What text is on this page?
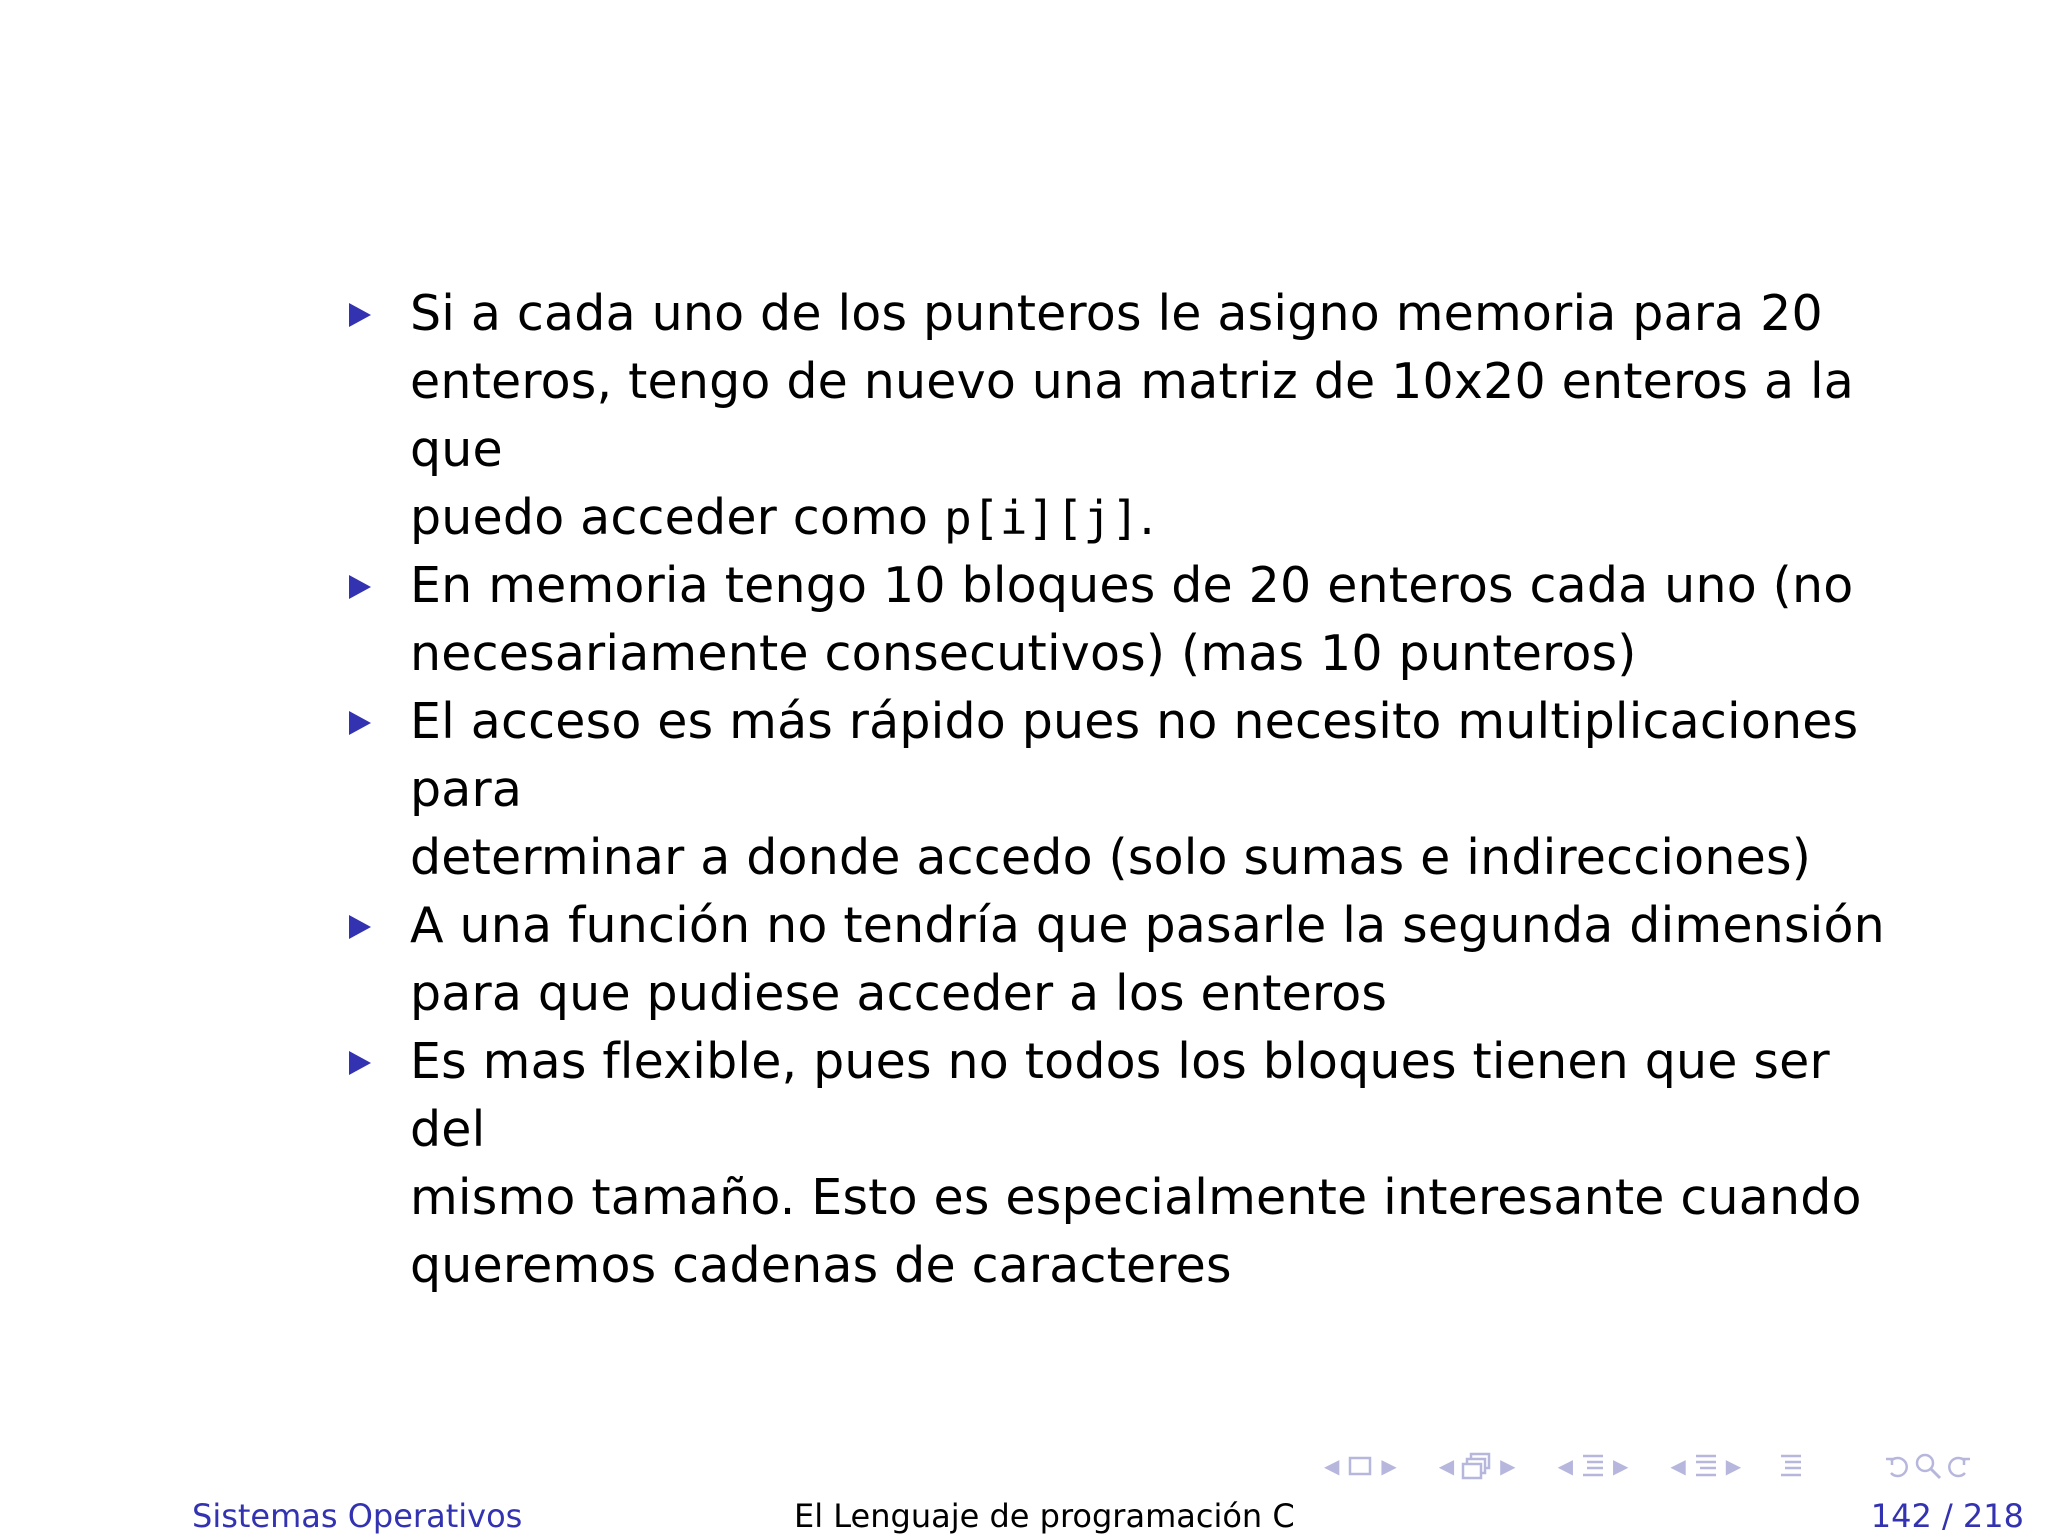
Si a cada uno de los punteros le asigno memoria para 20
enteros, tengo de nuevo una matriz de 10x20 enteros a la que
puedo acceder como p[i][j].
En memoria tengo 10 bloques de 20 enteros cada uno (no
necesariamente consecutivos) (mas 10 punteros)
El acceso es más rápido pues no necesito multiplicaciones para
determinar a donde accedo (solo sumas e indirecciones)
A una función no tendría que pasarle la segunda dimensión
para que pudiese acceder a los enteros
Es mas flexible, pues no todos los bloques tienen que ser del
mismo tamaño. Esto es especialmente interesante cuando
queremos cadenas de caracteres
◀ ▶ ◀ ▶ ◀ ▶ ◀ ▶
Sistemas Operativos	El Lenguaje de programación C	142 / 218
